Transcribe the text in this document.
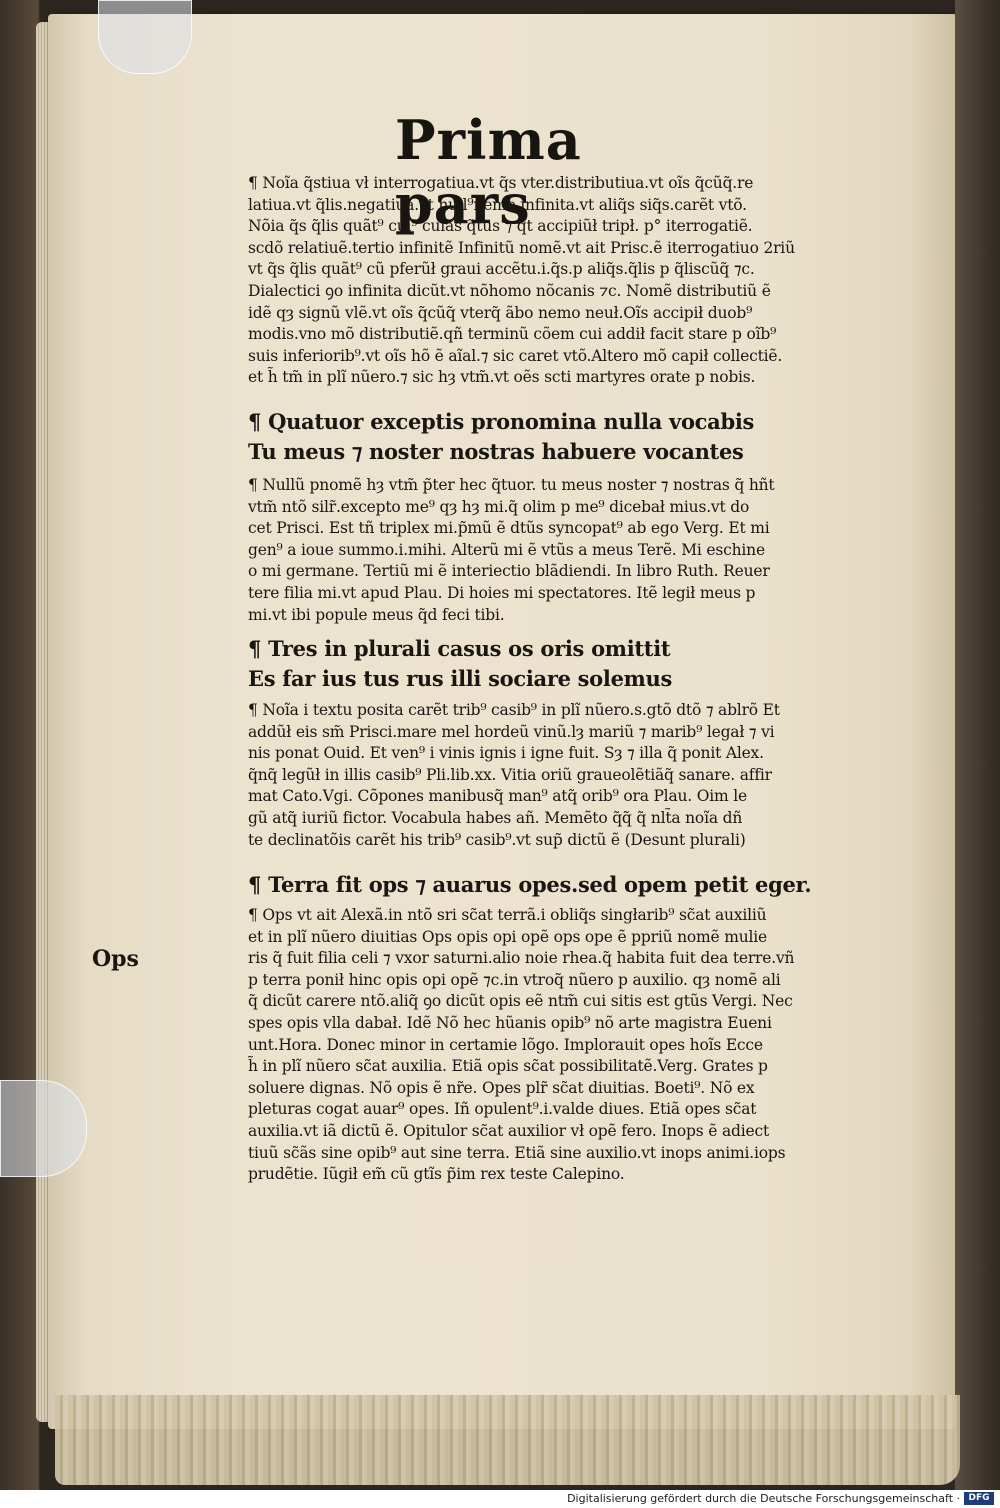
Prima pars
¶ Noĩa q̃stiua vł interrogatiua.vt q̃s vter.distributiua.vt oĩs q̃cũq̃.re
latiua.vt q̃lis.negatiua.vt null⁹nemo.infinita.vt aliq̃s siq̃s.carẽt vtõ.
Nõia q̃s q̃lis quãt⁹ cui⁹ cuias q̃tus ⁊ q̃t accipiũł tripł. p° iterrogatiẽ.
scdõ relatiuẽ.tertio infinitẽ Infinitũ nomẽ.vt ait Prisc.ẽ iterrogatiuo 2riũ
vt q̃s q̃lis quãt⁹ cũ pferũł graui accẽtu.i.q̃s.p aliq̃s.q̃lis p q̃liscũq̃ ⁊c.
Dialectici ꝯo infinita dicũt.vt nõhomo nõcanis ⁊c. Nomẽ distributiũ ẽ
idẽ qȝ signũ vlẽ.vt oĩs q̃cũq̃ vterq̃ ãbo nemo neuł.Oĩs accipił duob⁹
modis.vno mõ distributiẽ.qñ terminũ cõem cui addił facit stare p oĩb⁹
suis inferiorib⁹.vt oĩs hõ ẽ aĩal.⁊ sic caret vtõ.Altero mõ capił collectiẽ.
et h̃ tm̃ in plĩ nũero.⁊ sic hȝ vtm̃.vt oẽs scti martyres orate p nobis.
¶ Quatuor exceptis pronomina nulla vocabis
Tu meus ⁊ noster nostras habuere vocantes
¶ Nullũ pnomẽ hȝ vtm̃ p̃ter hec q̃tuor. tu meus noster ⁊ nostras q̃ hñt
vtm̃ ntõ silr̃.excepto me⁹ qȝ hȝ mi.q̃ olim p me⁹ dicebał mius.vt do
cet Prisci. Est tñ triplex mi.p̃mũ ẽ dtũs syncopat⁹ ab ego Verg. Et mi
gen⁹ a ioue summo.i.mihi. Alterũ mi ẽ vtũs a meus Terẽ. Mi eschine
o mi germane. Tertiũ mi ẽ interiectio blãdiendi. In libro Ruth. Reuer
tere filia mi.vt apud Plau. Di hoies mi spectatores. Itẽ legił meus p
mi.vt ibi popule meus q̃d feci tibi.
¶ Tres in plurali casus os oris omittit
Es far ius tus rus illi sociare solemus
¶ Noĩa i textu posita carẽt trib⁹ casib⁹ in plĩ nũero.s.gtõ dtõ ⁊ ablrõ Et
addũł eis sm̃ Prisci.mare mel hordeũ vinũ.lȝ mariũ ⁊ marib⁹ legał ⁊ vi
nis ponat Ouid. Et ven⁹ i vinis ignis i igne fuit. Sȝ ⁊ illa q̃ ponit Alex.
q̃nq̃ legũł in illis casib⁹ Pli.lib.xx. Vitia oriũ graueolẽtiãq̃ sanare. affir
mat Cato.Vgi. Cõpones manibusq̃ man⁹ atq̃ orib⁹ ora Plau. Oim le
gũ atq̃ iuriũ fictor. Vocabula habes añ. Memẽto q̃q̃ q̃ nlt̃a noĩa dñ
te declinatõis carẽt his trib⁹ casib⁹.vt sup̃ dictũ ẽ (Desunt plurali)
¶ Terra fit ops ⁊ auarus opes.sed opem petit eger.
¶ Ops vt ait Alexã.in ntõ sri sc̃at terrã.i obliq̃s singłarib⁹ sc̃at auxiliũ
et in plĩ nũero diuitias Ops opis opi opẽ ops ope ẽ ppriũ nomẽ mulie
ris q̃ fuit filia celi ⁊ vxor saturni.alio noie rhea.q̃ habita fuit dea terre.vñ
p terra ponił hinc opis opi opẽ ⁊c.in vtroq̃ nũero p auxilio. qȝ nomẽ ali
q̃ dicũt carere ntõ.aliq̃ ꝯo dicũt opis eẽ ntm̃ cui sitis est gtũs Vergi. Nec
spes opis vlla dabał. Idẽ Nõ hec hũanis opib⁹ nõ arte magistra Eueni
unt.Hora. Donec minor in certamie lõgo. Implorauit opes hoĩs Ecce
h̃ in plĩ nũero sc̃at auxilia. Etiã opis sc̃at possibilitatẽ.Verg. Grates p
soluere dignas. Nõ opis ẽ nr̃e. Opes plr̃ sc̃at diuitias. Boeti⁹. Nõ ex
pleturas cogat auar⁹ opes. Iñ opulent⁹.i.valde diues. Etiã opes sc̃at
auxilia.vt iã dictũ ẽ. Opitulor sc̃at auxilior vł opẽ fero. Inops ẽ adiect
tiuũ sc̃ãs sine opib⁹ aut sine terra. Etiã sine auxilio.vt inops animi.iops
prudẽtie. Iũgił em̃ cũ gtĩs p̃im rex teste Calepino.
Ops
Digitalisierung gefördert durch die Deutsche Forschungsgemeinschaft · DFG
